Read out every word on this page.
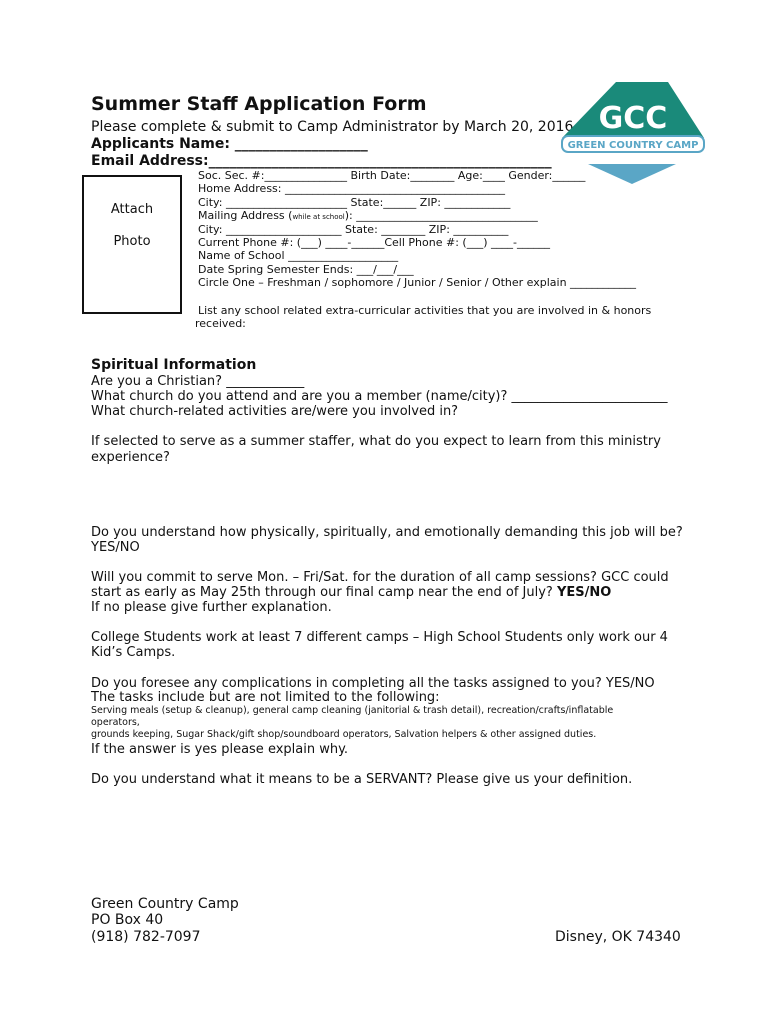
Summer Staff Application Form
Please complete & submit to Camp Administrator by March 20, 2016
Applicants Name: ___________________
Email Address:_________________________________________________
GCC
GREEN COUNTRY CAMP
Attach
Photo
Soc. Sec. #:_______________ Birth Date:________ Age:____ Gender:______
Home Address: ________________________________________
City: ______________________ State:______ ZIP: ____________
Mailing Address (while at school): _________________________________
City: _____________________ State: ________ ZIP: __________
Current Phone #: (___) ____-______Cell Phone #: (___) ____-______
Name of School ____________________
Date Spring Semester Ends: ___/___/___
Circle One – Freshman / sophomore / Junior / Senior / Other explain ____________
List any school related extra-curricular activities that you are involved in & honors
received:
Spiritual Information
Are you a Christian? ____________
What church do you attend and are you a member (name/city)? ________________________
What church-related activities are/were you involved in?
If selected to serve as a summer staffer, what do you expect to learn from this ministry
experience?
Do you understand how physically, spiritually, and emotionally demanding this job will be?
YES/NO
Will you commit to serve Mon. – Fri/Sat. for the duration of all camp sessions? GCC could
start as early as May 25th through our final camp near the end of July? YES/NO
If no please give further explanation.
College Students work at least 7 different camps – High School Students only work our 4
Kid’s Camps.
Do you foresee any complications in completing all the tasks assigned to you? YES/NO
The tasks include but are not limited to the following:
Serving meals (setup & cleanup), general camp cleaning (janitorial & trash detail), recreation/crafts/inflatable
operators,
grounds keeping, Sugar Shack/gift shop/soundboard operators, Salvation helpers & other assigned duties.
If the answer is yes please explain why.
Do you understand what it means to be a SERVANT? Please give us your definition.
Green Country Camp
PO Box 40
(918) 782-7097	Disney, OK 74340
